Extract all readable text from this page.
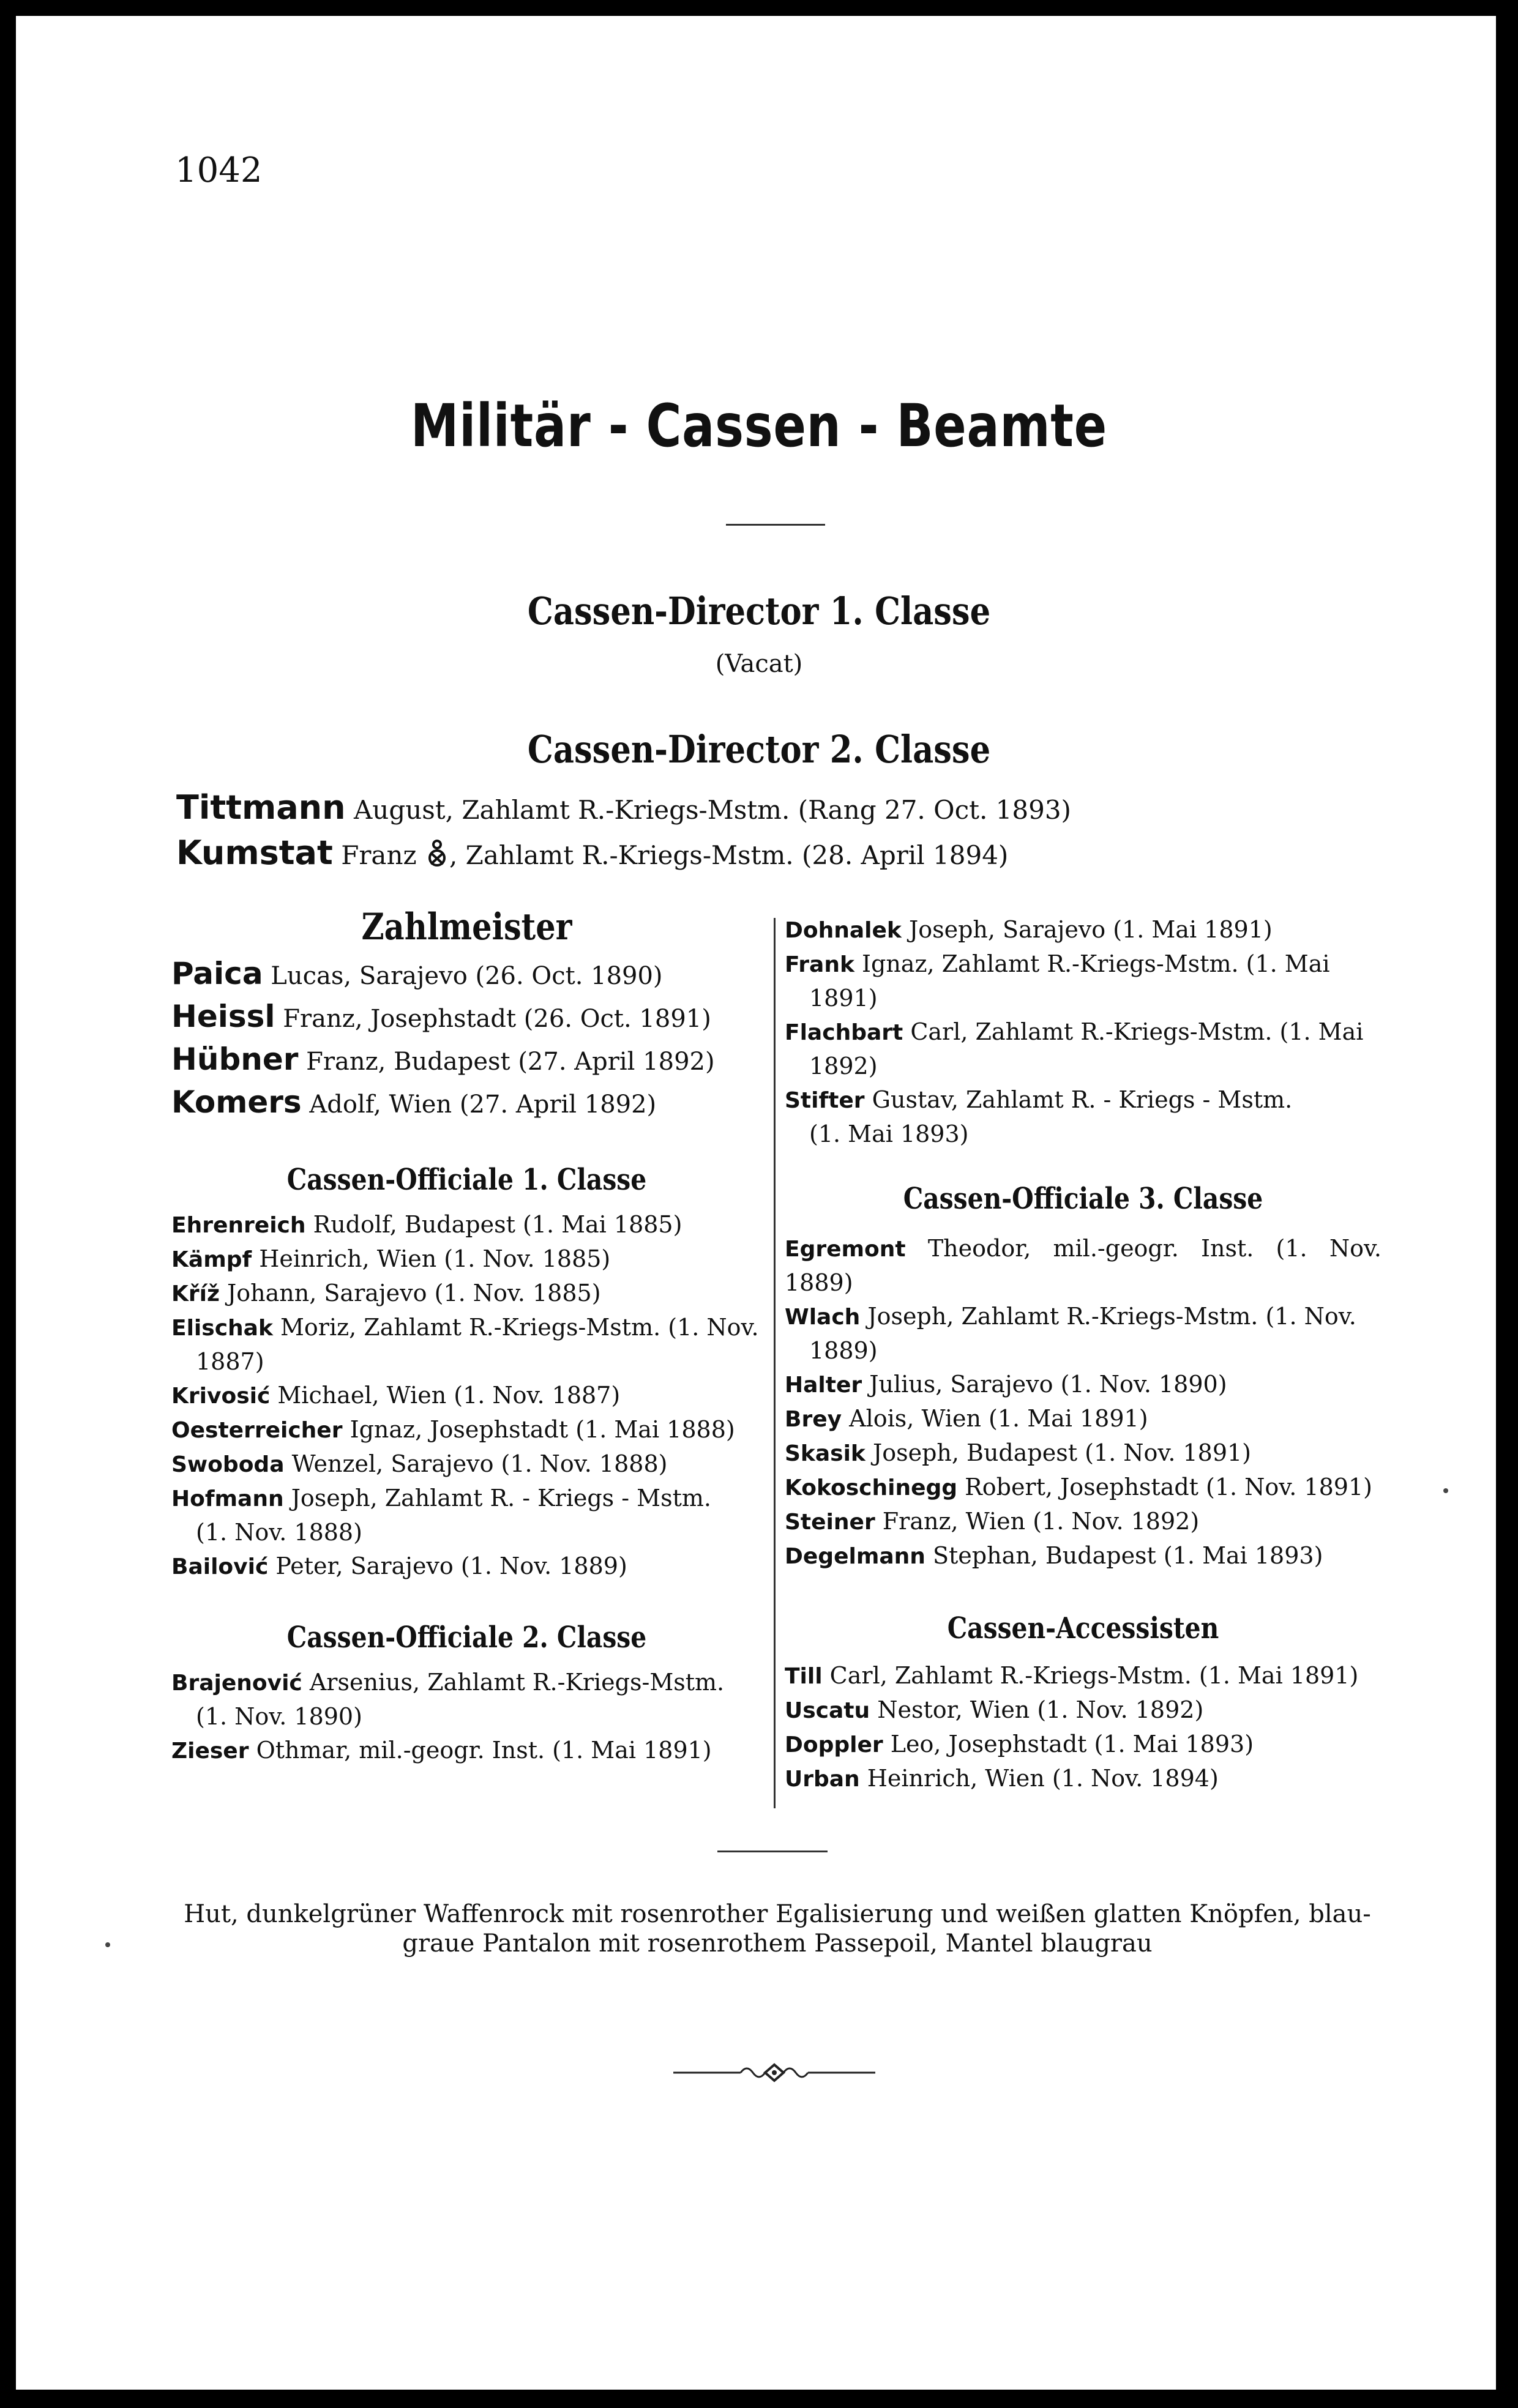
1042
Militär - Cassen - Beamte
Cassen-Director 1. Classe
(Vacat)
Cassen-Director 2. Classe
Tittmann August, Zahlamt R.-Kriegs-Mstm. (Rang 27. Oct. 1893)
Kumstat Franz , Zahlamt R.-Kriegs-Mstm. (28. April 1894)
Zahlmeister
Paica Lucas, Sarajevo (26. Oct. 1890)
Heissl Franz, Josephstadt (26. Oct. 1891)
Hübner Franz, Budapest (27. April 1892)
Komers Adolf, Wien (27. April 1892)
Cassen-Officiale 1. Classe
Ehrenreich Rudolf, Budapest (1. Mai 1885)
Kämpf Heinrich, Wien (1. Nov. 1885)
Kříž Johann, Sarajevo (1. Nov. 1885)
Elischak Moriz, Zahlamt R.-Kriegs-Mstm. (1. Nov.
1887)
Krivosić Michael, Wien (1. Nov. 1887)
Oesterreicher Ignaz, Josephstadt (1. Mai 1888)
Swoboda Wenzel, Sarajevo (1. Nov. 1888)
Hofmann Joseph, Zahlamt R. - Kriegs - Mstm.
(1. Nov. 1888)
Bailović Peter, Sarajevo (1. Nov. 1889)
Cassen-Officiale 2. Classe
Brajenović Arsenius, Zahlamt R.-Kriegs-Mstm.
(1. Nov. 1890)
Zieser Othmar, mil.-geogr. Inst. (1. Mai 1891)
Dohnalek Joseph, Sarajevo (1. Mai 1891)
Frank Ignaz, Zahlamt R.-Kriegs-Mstm. (1. Mai
1891)
Flachbart Carl, Zahlamt R.-Kriegs-Mstm. (1. Mai
1892)
Stifter Gustav, Zahlamt R. - Kriegs - Mstm.
(1. Mai 1893)
Cassen-Officiale 3. Classe
Egremont Theodor, mil.-geogr. Inst. (1. Nov. 1889)
Wlach Joseph, Zahlamt R.-Kriegs-Mstm. (1. Nov.
1889)
Halter Julius, Sarajevo (1. Nov. 1890)
Brey Alois, Wien (1. Mai 1891)
Skasik Joseph, Budapest (1. Nov. 1891)
Kokoschinegg Robert, Josephstadt (1. Nov. 1891)
Steiner Franz, Wien (1. Nov. 1892)
Degelmann Stephan, Budapest (1. Mai 1893)
Cassen-Accessisten
Till Carl, Zahlamt R.-Kriegs-Mstm. (1. Mai 1891)
Uscatu Nestor, Wien (1. Nov. 1892)
Doppler Leo, Josephstadt (1. Mai 1893)
Urban Heinrich, Wien (1. Nov. 1894)
Hut, dunkelgrüner Waffenrock mit rosenrother Egalisierung und weißen glatten Knöpfen, blau-
graue Pantalon mit rosenrothem Passepoil, Mantel blaugrau
